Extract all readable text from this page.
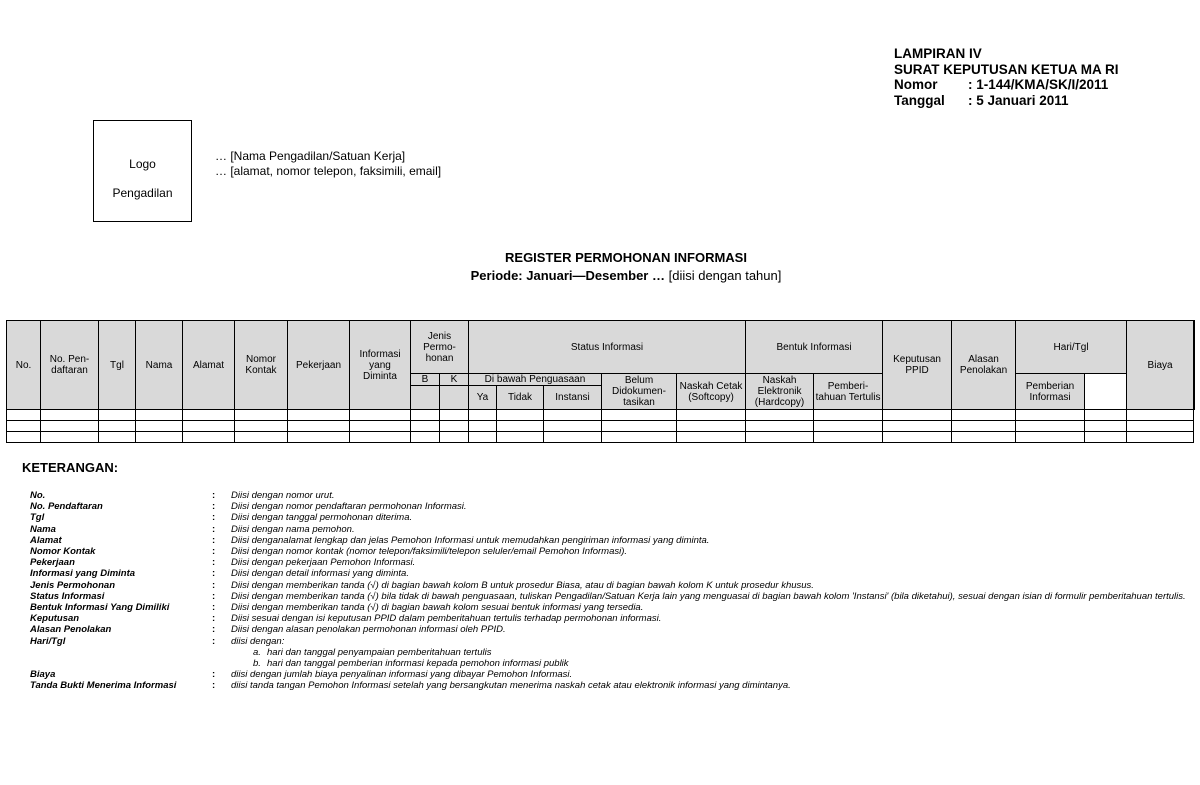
LAMPIRAN IV
SURAT KEPUTUSAN KETUA MA RI
Nomor	: 1-144/KMA/SK/I/2011
Tanggal	: 5 Januari 2011
Logo
Pengadilan
… [Nama Pengadilan/Satuan Kerja]
… [alamat, nomor telepon, faksimili, email]
REGISTER PERMOHONAN INFORMASI
Periode: Januari—Desember … [diisi dengan tahun]
No.	No. Pen-daftaran	Tgl	Nama	Alamat	Nomor Kontak	Pekerjaan	Informasi yang Diminta	Jenis Permo-honan		Status Informasi					Bentuk Informasi		Keputusan PPID	Alasan Penolakan	Hari/Tgl		Biaya	
								B	K	Di bawah Penguasaan			Belum Didokumen-tasikan	Naskah Cetak (Softcopy)	Naskah Elektronik (Hardcopy)	Pemberi-tahuan Tertulis			Pemberian Informasi			
										Ya	Tidak	Instansi										

KETERANGAN:
No.	:	Diisi dengan nomor urut.
No. Pendaftaran	:	Diisi dengan nomor pendaftaran permohonan Informasi.
Tgl	:	Diisi dengan tanggal permohonan diterima.
Nama	:	Diisi dengan nama pemohon.
Alamat	:	Diisi denganalamat lengkap dan jelas Pemohon Informasi untuk memudahkan pengiriman informasi yang diminta.
Nomor Kontak	:	Diisi dengan nomor kontak (nomor telepon/faksimili/telepon seluler/email Pemohon Informasi).
Pekerjaan	:	Diisi dengan pekerjaan Pemohon Informasi.
Informasi yang Diminta	:	Diisi dengan detail informasi yang diminta.
Jenis Permohonan	:	Diisi dengan memberikan tanda (√) di bagian bawah kolom B untuk prosedur Biasa, atau di bagian bawah kolom K untuk prosedur khusus.
Status Informasi	:	Diisi dengan memberikan tanda (√) bila tidak di bawah penguasaan, tuliskan Pengadilan/Satuan Kerja lain yang menguasai di bagian bawah kolom 'Instansi' (bila diketahui), sesuai dengan isian di formulir pemberitahuan tertulis.
Bentuk Informasi Yang Dimiliki	:	Diisi dengan memberikan tanda (√) di bagian bawah kolom sesuai bentuk informasi yang tersedia.
Keputusan	:	Diisi sesuai dengan isi keputusan PPID dalam pemberitahuan tertulis terhadap permohonan informasi.
Alasan Penolakan	:	Diisi dengan alasan penolakan permohonan informasi oleh PPID.
Hari/Tgl	:	diisi dengan:
a. hari dan tanggal penyampaian pemberitahuan tertulis
b. hari dan tanggal pemberian informasi kepada pemohon informasi publik
Biaya	:	diisi dengan jumlah biaya penyalinan informasi yang dibayar Pemohon Informasi.
Tanda Bukti Menerima Informasi	:	diisi tanda tangan Pemohon Informasi setelah yang bersangkutan menerima naskah cetak atau elektronik informasi yang dimintanya.
